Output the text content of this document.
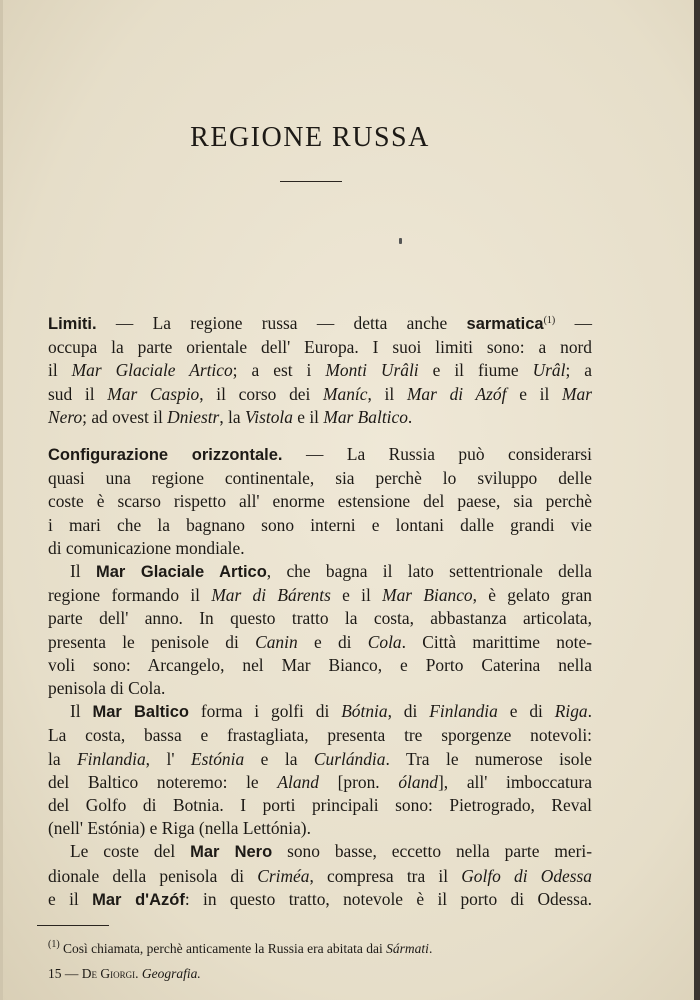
REGIONE RUSSA

Limiti. — La regione russa — detta anche sarmatica$^{(1)}$ —
occupa la parte orientale dell' Europa. I suoi limiti sono: a nord
il Mar Glaciale Artico; a est i Monti Urâli e il fiume Urâl; a
sud il Mar Caspio, il corso dei Maníc, il Mar di Azóf e il Mar
Nero; ad ovest il Dniestr, la Vistola e il Mar Baltico.

Configurazione orizzontale. — La Russia può considerarsi
quasi una regione continentale, sia perchè lo sviluppo delle
coste è scarso rispetto all' enorme estensione del paese, sia perchè
i mari che la bagnano sono interni e lontani dalle grandi vie
di comunicazione mondiale.

Il Mar Glaciale Artico, che bagna il lato settentrionale della
regione formando il Mar di Bárents e il Mar Bianco, è gelato gran
parte dell' anno. In questo tratto la costa, abbastanza articolata,
presenta le penisole di Canin e di Cola. Città marittime note-
voli sono: Arcangelo, nel Mar Bianco, e Porto Caterina nella
penisola di Cola.

Il Mar Baltico forma i golfi di Bótnia, di Finlandia e di Riga.
La costa, bassa e frastagliata, presenta tre sporgenze notevoli:
la Finlandia, l' Estónia e la Curlándia. Tra le numerose isole
del Baltico noteremo: le Aland [pron. óland], all' imboccatura
del Golfo di Botnia. I porti principali sono: Pietrogrado, Reval
(nell' Estónia) e Riga (nella Lettónia).

Le coste del Mar Nero sono basse, eccetto nella parte meri-
dionale della penisola di Criméa, compresa tra il Golfo di Odessa
e il Mar d'Azóf: in questo tratto, notevole è il porto di Odessa.

$^{(1)}$ Così chiamata, perchè anticamente la Russia era abitata dai Sármati.
15 — De Giorgi. Geografia.
